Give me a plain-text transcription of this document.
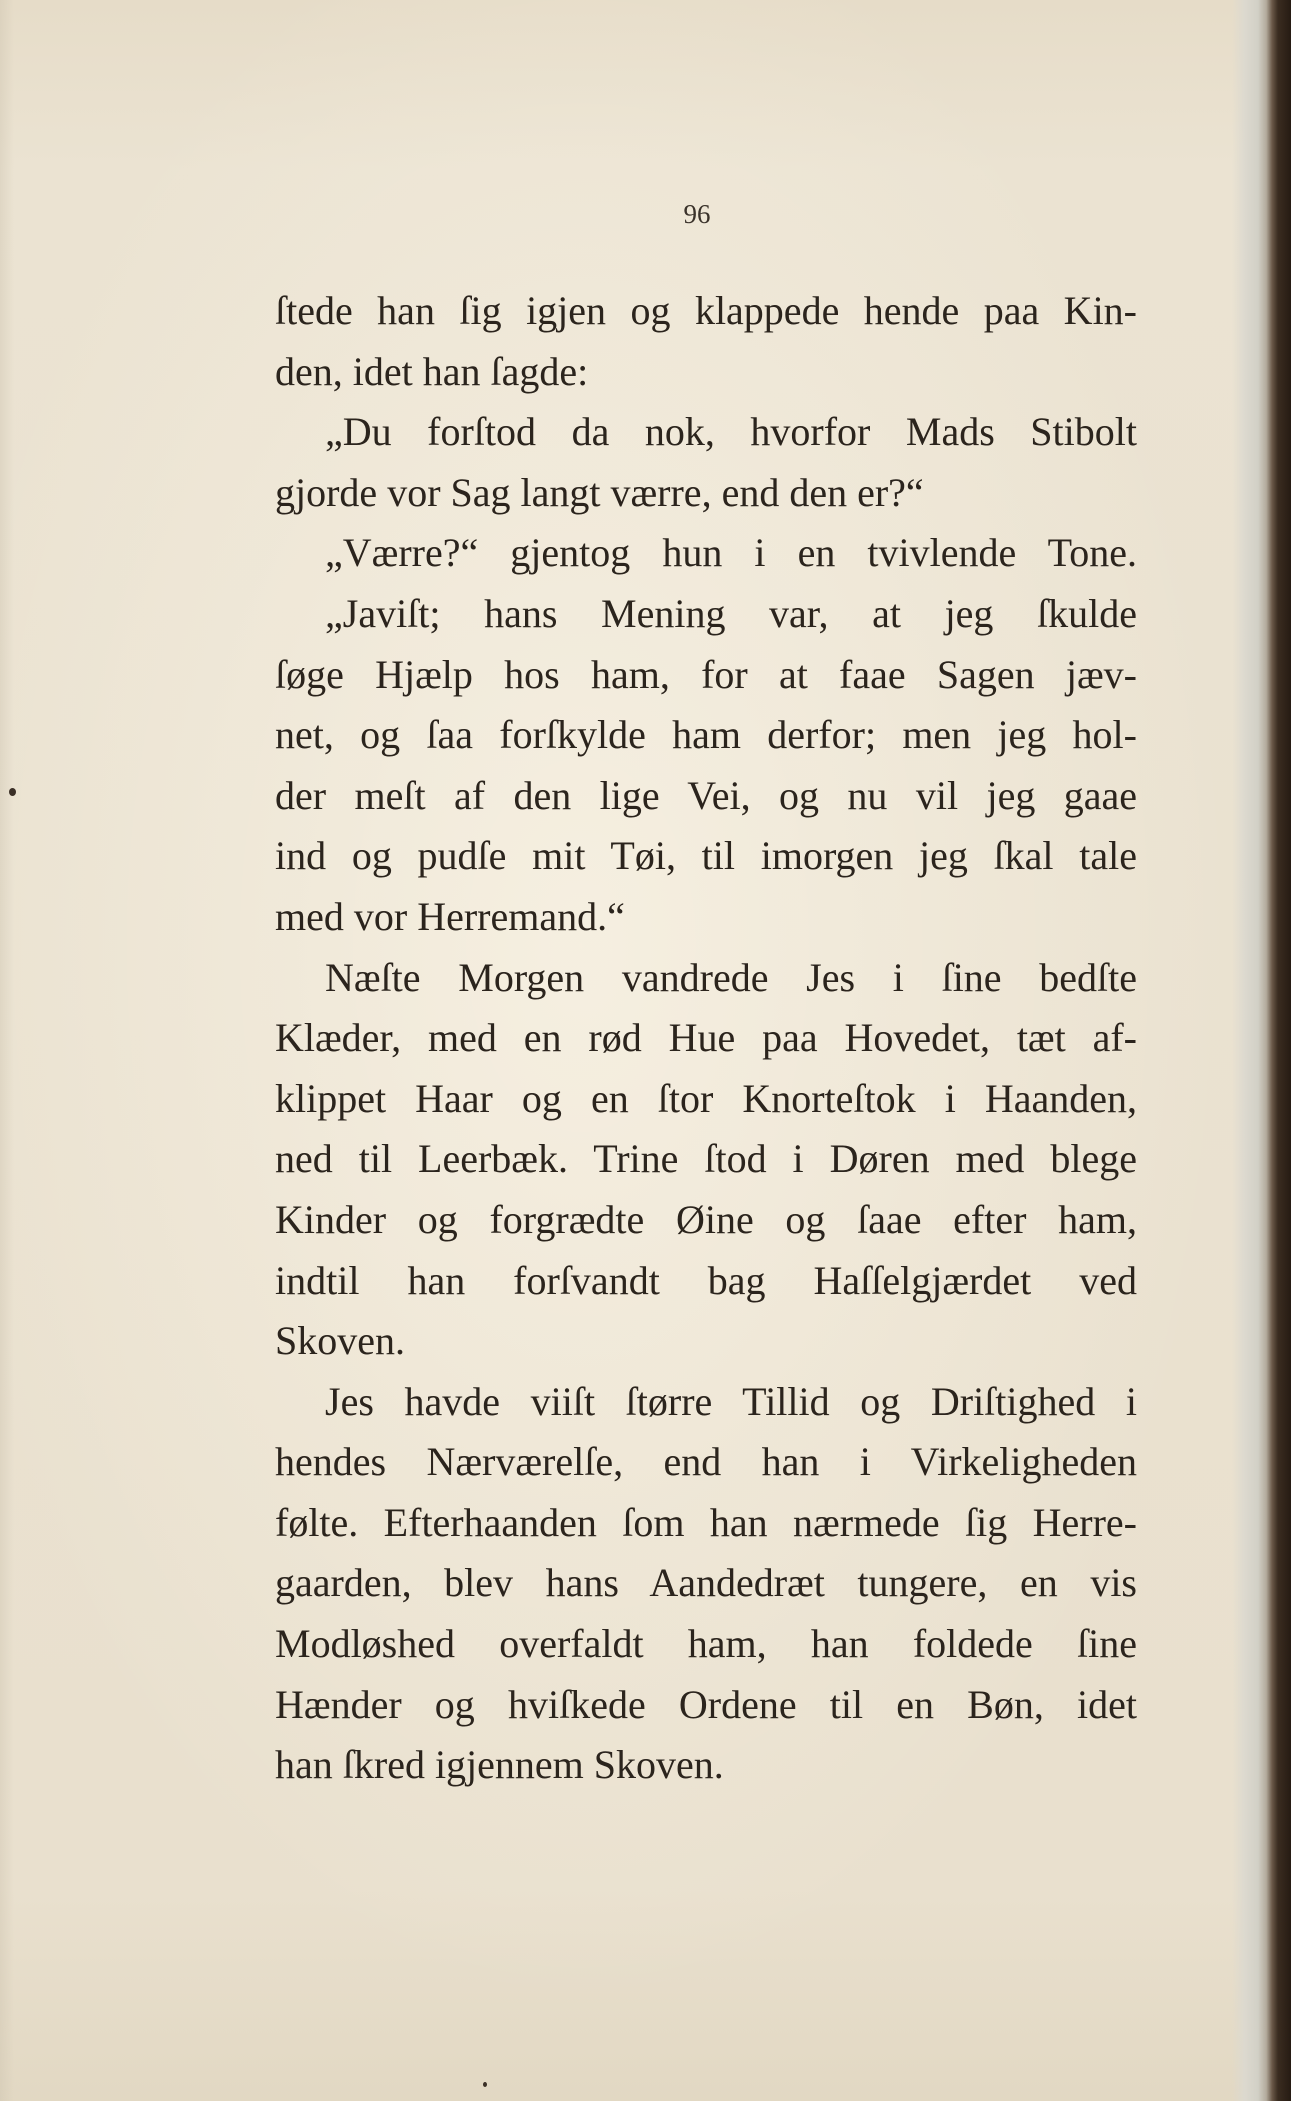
96
ſtede han ſig igjen og klappede hende paa Kin-
den, idet han ſagde:
„Du forſtod da nok, hvorfor Mads Stibolt
gjorde vor Sag langt værre, end den er?“
„Værre?“ gjentog hun i en tvivlende Tone.
„Javiſt; hans Mening var, at jeg ſkulde
ſøge Hjælp hos ham, for at faae Sagen jæv-
net, og ſaa forſkylde ham derfor; men jeg hol-
der meſt af den lige Vei, og nu vil jeg gaae
ind og pudſe mit Tøi, til imorgen jeg ſkal tale
med vor Herremand.“
Næſte Morgen vandrede Jes i ſine bedſte
Klæder, med en rød Hue paa Hovedet, tæt af-
klippet Haar og en ſtor Knorteſtok i Haanden,
ned til Leerbæk. Trine ſtod i Døren med blege
Kinder og forgrædte Øine og ſaae efter ham,
indtil han forſvandt bag Haſſelgjærdet ved
Skoven.
Jes havde viiſt ſtørre Tillid og Driſtighed i
hendes Nærværelſe, end han i Virkeligheden
følte. Efterhaanden ſom han nærmede ſig Herre-
gaarden, blev hans Aandedræt tungere, en vis
Modløshed overfaldt ham, han foldede ſine
Hænder og hviſkede Ordene til en Bøn, idet
han ſkred igjennem Skoven.
